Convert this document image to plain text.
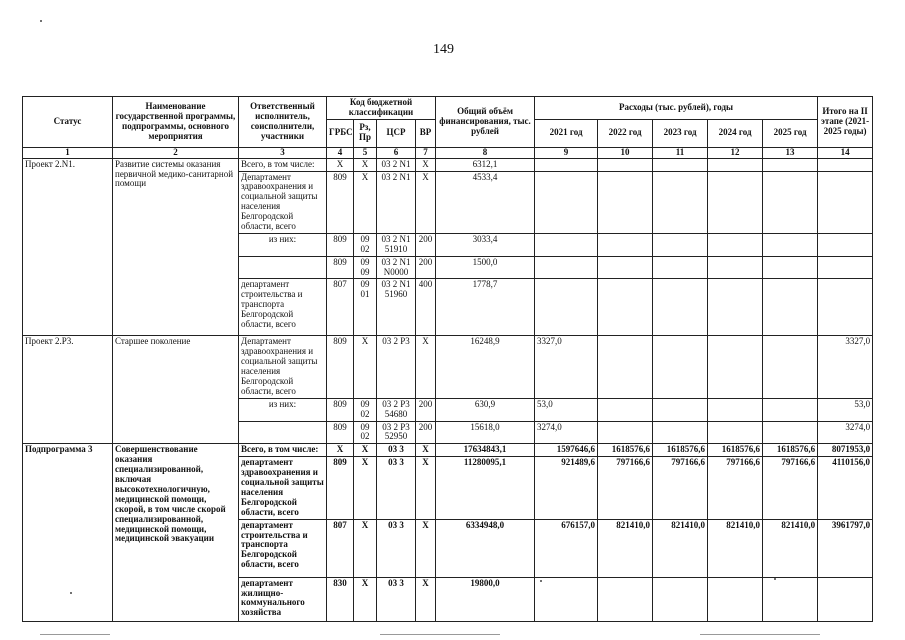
149
Статус	Наименование государственной программы, подпрограммы, основного мероприятия	Ответственный исполнитель, соисполнители, участники	Код бюджетной классификации				Общий объём финансирования, тыс. рублей	Расходы (тыс. рублей), годы					Итого на II этапе (2021-2025 годы)
			ГРБС	Рз, Пр	ЦСР	ВР		2021 год	2022 год	2023 год	2024 год	2025 год	
1	2	3	4	5	6	7	8	9	10	11	12	13	14
Проект 2.N1.	Развитие системы оказания первичной медико-санитарной помощи	Всего, в том числе:	Х	Х	03 2 N1	Х	6312,1						
		Департамент здравоохранения и социальной защиты населения Белгородской области, всего	809	Х	03 2 N1	Х	4533,4						
		из них:	809	09 02	03 2 N1 51910	200	3033,4						
			809	09 09	03 2 N1 N0000	200	1500,0						
		департамент строительства и транспорта Белгородской области, всего	807	09 01	03 2 N1 51960	400	1778,7						
Проект 2.Р3.	Старшее поколение	Департамент здравоохранения и социальной защиты населения Белгородской области, всего	809	Х	03 2 Р3	Х	16248,9	3327,0					3327,0
		из них:	809	09 02	03 2 Р3 54680	200	630,9	53,0					53,0
			809	09 02	03 2 Р3 52950	200	15618,0	3274,0					3274,0
Подпрограмма 3	Совершенствование оказания специализированной, включая высокотехнологичную, медицинской помощи, скорой, в том числе скорой специализированной, медицинской помощи, медицинской эвакуации	Всего, в том числе:	Х	Х	03 3	Х	17634843,1	1597646,6	1618576,6	1618576,6	1618576,6	1618576,6	8071953,0
		департамент здравоохранения и социальной защиты населения Белгородской области, всего	809	Х	03 3	Х	11280095,1	921489,6	797166,6	797166,6	797166,6	797166,6	4110156,0
		департамент строительства и транспорта Белгородской области, всего	807	Х	03 3	Х	6334948,0	676157,0	821410,0	821410,0	821410,0	821410,0	3961797,0
		департамент жилищно-коммунального хозяйства	830	Х	03 3	Х	19800,0						
